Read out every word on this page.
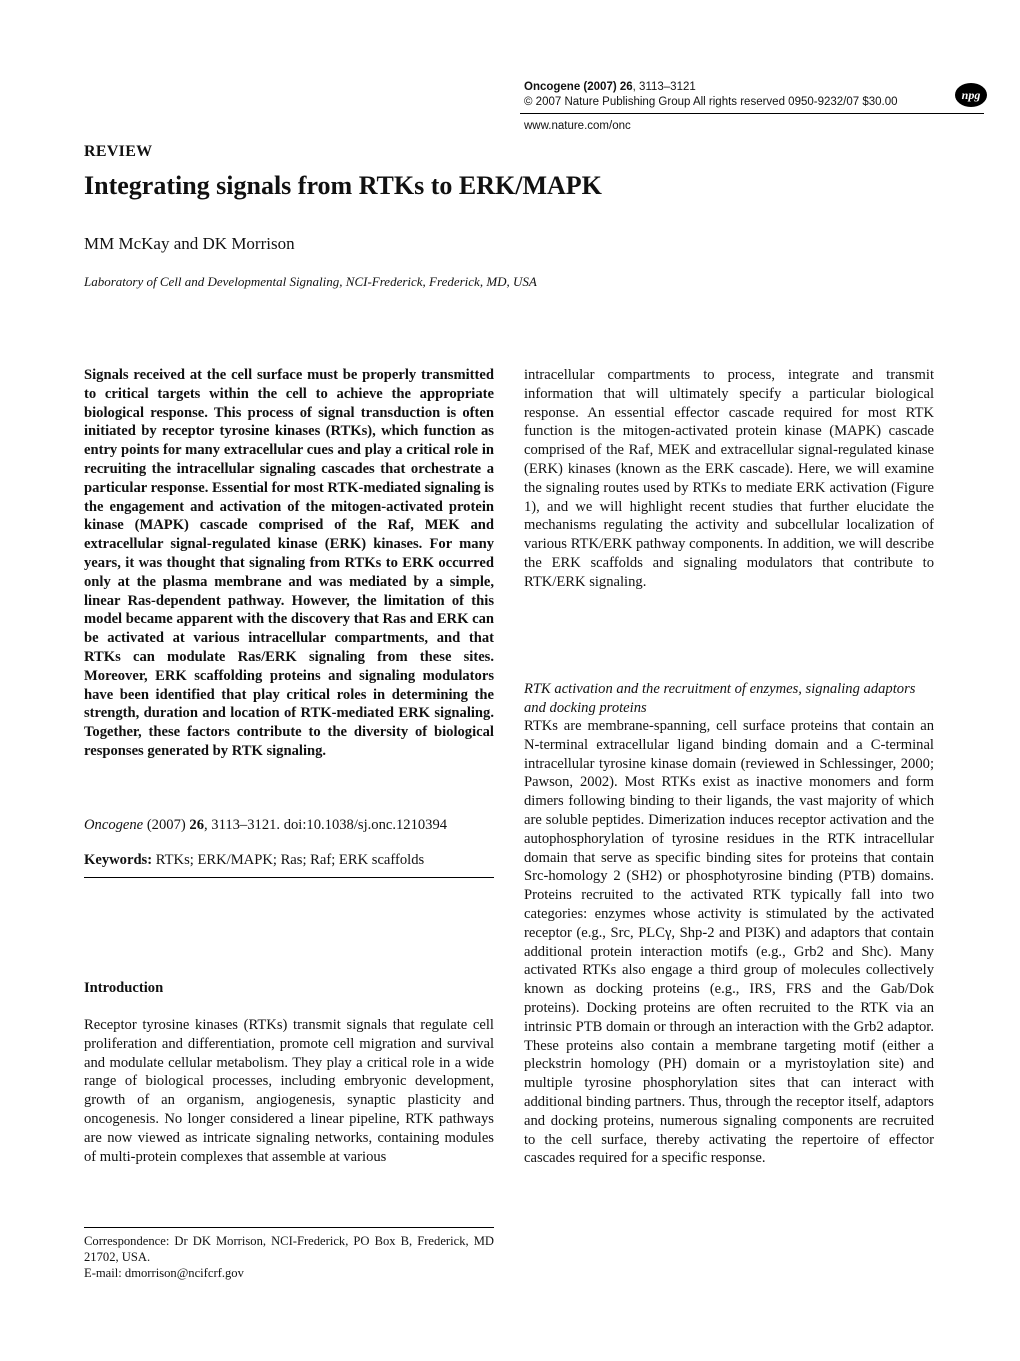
Oncogene (2007) 26, 3113–3121
© 2007 Nature Publishing Group All rights reserved 0950-9232/07 $30.00	npg
www.nature.com/onc
REVIEW
Integrating signals from RTKs to ERK/MAPK
MM McKay and DK Morrison
Laboratory of Cell and Developmental Signaling, NCI-Frederick, Frederick, MD, USA

Signals received at the cell surface must be properly transmitted to critical targets within the cell to achieve the appropriate biological response. This process of signal transduction is often initiated by receptor tyrosine kinases (RTKs), which function as entry points for many extracellular cues and play a critical role in recruiting the intracellular signaling cascades that orchestrate a particular response. Essential for most RTK-mediated signaling is the engagement and activation of the mitogen-activated protein kinase (MAPK) cascade comprised of the Raf, MEK and extracellular signal-regulated kinase (ERK) kinases. For many years, it was thought that signaling from RTKs to ERK occurred only at the plasma membrane and was mediated by a simple, linear Ras-dependent pathway. However, the limitation of this model became apparent with the discovery that Ras and ERK can be activated at various intracellular compartments, and that RTKs can modulate Ras/ERK signaling from these sites. Moreover, ERK scaffolding proteins and signaling modulators have been identified that play critical roles in determining the strength, duration and location of RTK-mediated ERK signaling. Together, these factors contribute to the diversity of biological responses generated by RTK signaling.

Oncogene (2007) 26, 3113–3121. doi:10.1038/sj.onc.1210394
Keywords: RTKs; ERK/MAPK; Ras; Raf; ERK scaffolds
Introduction

Receptor tyrosine kinases (RTKs) transmit signals that regulate cell proliferation and differentiation, promote cell migration and survival and modulate cellular metabolism. They play a critical role in a wide range of biological processes, including embryonic development, growth of an organism, angiogenesis, synaptic plasticity and oncogenesis. No longer considered a linear pipeline, RTK pathways are now viewed as intricate signaling networks, containing modules of multi-protein complexes that assemble at various

Correspondence: Dr DK Morrison, NCI-Frederick, PO Box B, Frederick, MD 21702, USA.
E-mail: dmorrison@ncifcrf.gov

intracellular compartments to process, integrate and transmit information that will ultimately specify a particular biological response. An essential effector cascade required for most RTK function is the mitogen-activated protein kinase (MAPK) cascade comprised of the Raf, MEK and extracellular signal-regulated kinase (ERK) kinases (known as the ERK cascade). Here, we will examine the signaling routes used by RTKs to mediate ERK activation (Figure 1), and we will highlight recent studies that further elucidate the mechanisms regulating the activity and subcellular localization of various RTK/ERK pathway components. In addition, we will describe the ERK scaffolds and signaling modulators that contribute to RTK/ERK signaling.

RTK activation and the recruitment of enzymes, signaling adaptors and docking proteins

RTKs are membrane-spanning, cell surface proteins that contain an N-terminal extracellular ligand binding domain and a C-terminal intracellular tyrosine kinase domain (reviewed in Schlessinger, 2000; Pawson, 2002). Most RTKs exist as inactive monomers and form dimers following binding to their ligands, the vast majority of which are soluble peptides. Dimerization induces receptor activation and the autophosphorylation of tyrosine residues in the RTK intracellular domain that serve as specific binding sites for proteins that contain Src-homology 2 (SH2) or phosphotyrosine binding (PTB) domains. Proteins recruited to the activated RTK typically fall into two categories: enzymes whose activity is stimulated by the activated receptor (e.g., Src, PLCγ, Shp-2 and PI3K) and adaptors that contain additional protein interaction motifs (e.g., Grb2 and Shc). Many activated RTKs also engage a third group of molecules collectively known as docking proteins (e.g., IRS, FRS and the Gab/Dok proteins). Docking proteins are often recruited to the RTK via an intrinsic PTB domain or through an interaction with the Grb2 adaptor. These proteins also contain a membrane targeting motif (either a pleckstrin homology (PH) domain or a myristoylation site) and multiple tyrosine phosphorylation sites that can interact with additional binding partners. Thus, through the receptor itself, adaptors and docking proteins, numerous signaling components are recruited to the cell surface, thereby activating the repertoire of effector cascades required for a specific response.
